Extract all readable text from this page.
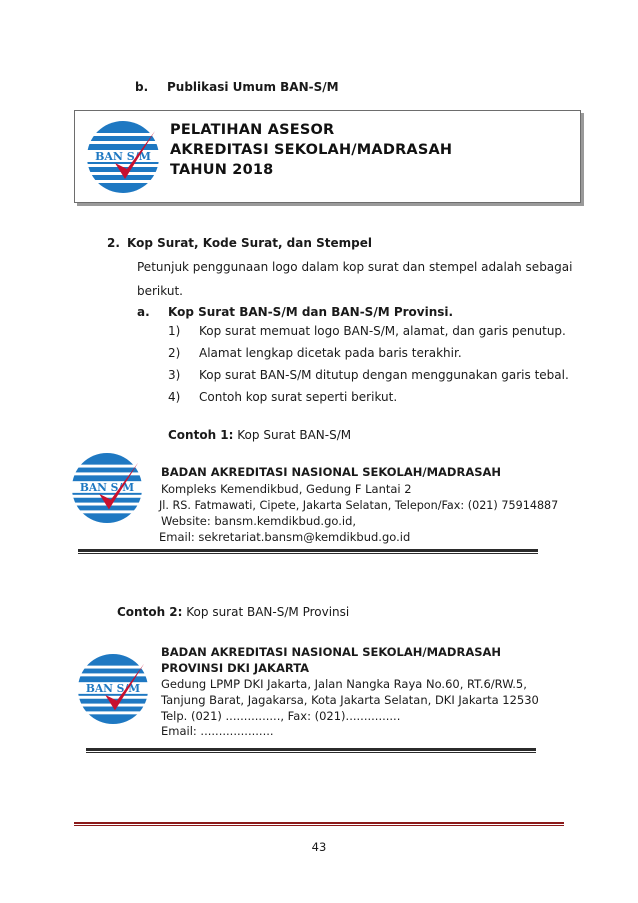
b. Publikasi Umum BAN-S/M
BAN S/M
PELATIHAN ASESOR
AKREDITASI SEKOLAH/MADRASAH
TAHUN 2018
2. Kop Surat, Kode Surat, dan Stempel
Petunjuk penggunaan logo dalam kop surat dan stempel adalah sebagai
berikut.
a. Kop Surat BAN-S/M dan BAN-S/M Provinsi.
1) Kop surat memuat logo BAN-S/M, alamat, dan garis penutup.
2) Alamat lengkap dicetak pada baris terakhir.
3) Kop surat BAN-S/M ditutup dengan menggunakan garis tebal.
4) Contoh kop surat seperti berikut.
Contoh 1: Kop Surat BAN-S/M
BAN S/M
BADAN AKREDITASI NASIONAL SEKOLAH/MADRASAH
Kompleks Kemendikbud, Gedung F Lantai 2
Jl. RS. Fatmawati, Cipete, Jakarta Selatan, Telepon/Fax: (021) 75914887
Website: bansm.kemdikbud.go.id,
Email: sekretariat.bansm@kemdikbud.go.id
Contoh 2: Kop surat BAN-S/M Provinsi
BAN S/M
BADAN AKREDITASI NASIONAL SEKOLAH/MADRASAH
PROVINSI DKI JAKARTA
Gedung LPMP DKI Jakarta, Jalan Nangka Raya No.60, RT.6/RW.5,
Tanjung Barat, Jagakarsa, Kota Jakarta Selatan, DKI Jakarta 12530
Telp. (021) ..............., Fax: (021)...............
Email: ....................
43
